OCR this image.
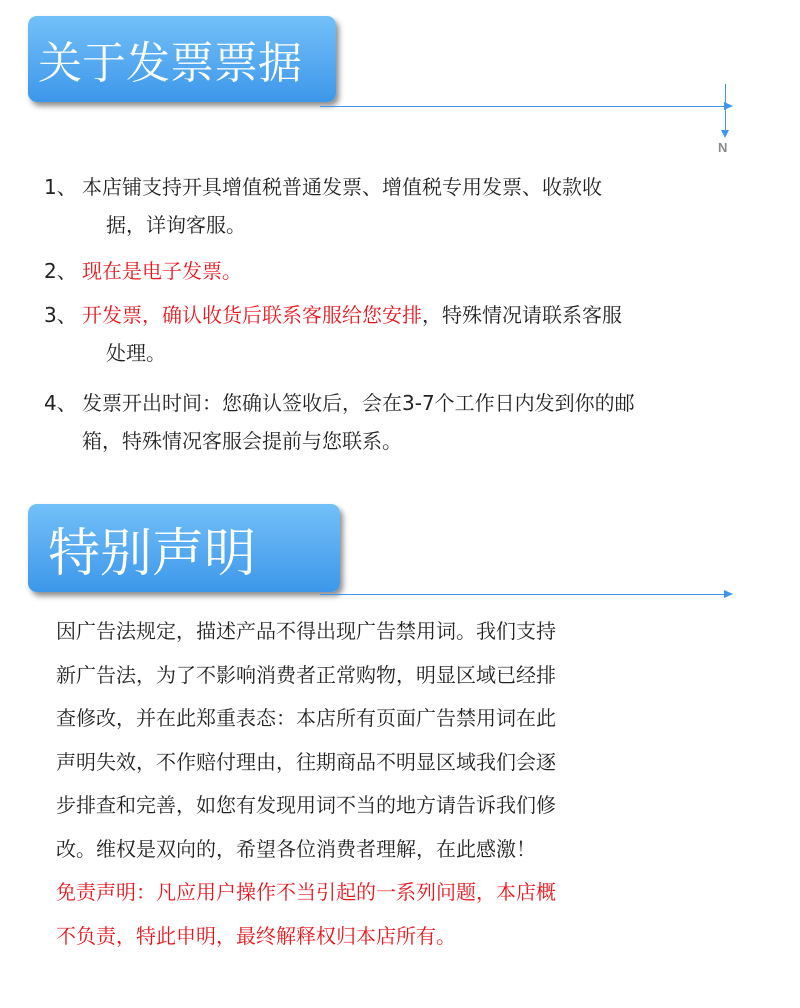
关于发票票据
N
1、 本店铺支持开具增值税普通发票、增值税专用发票、收款收
据，详询客服。
2、 现在是电子发票。
3、 开发票，确认收货后联系客服给您安排，特殊情况请联系客服
处理。
4、 发票开出时间：您确认签收后，会在3-7个工作日内发到你的邮
箱，特殊情况客服会提前与您联系。
特别声明
因广告法规定，描述产品不得出现广告禁用词。我们支持
新广告法，为了不影响消费者正常购物，明显区域已经排
查修改，并在此郑重表态：本店所有页面广告禁用词在此
声明失效，不作赔付理由，往期商品不明显区域我们会逐
步排查和完善，如您有发现用词不当的地方请告诉我们修
改。维权是双向的，希望各位消费者理解，在此感激！
免责声明：凡应用户操作不当引起的一系列问题，本店概
不负责，特此申明，最终解释权归本店所有。
